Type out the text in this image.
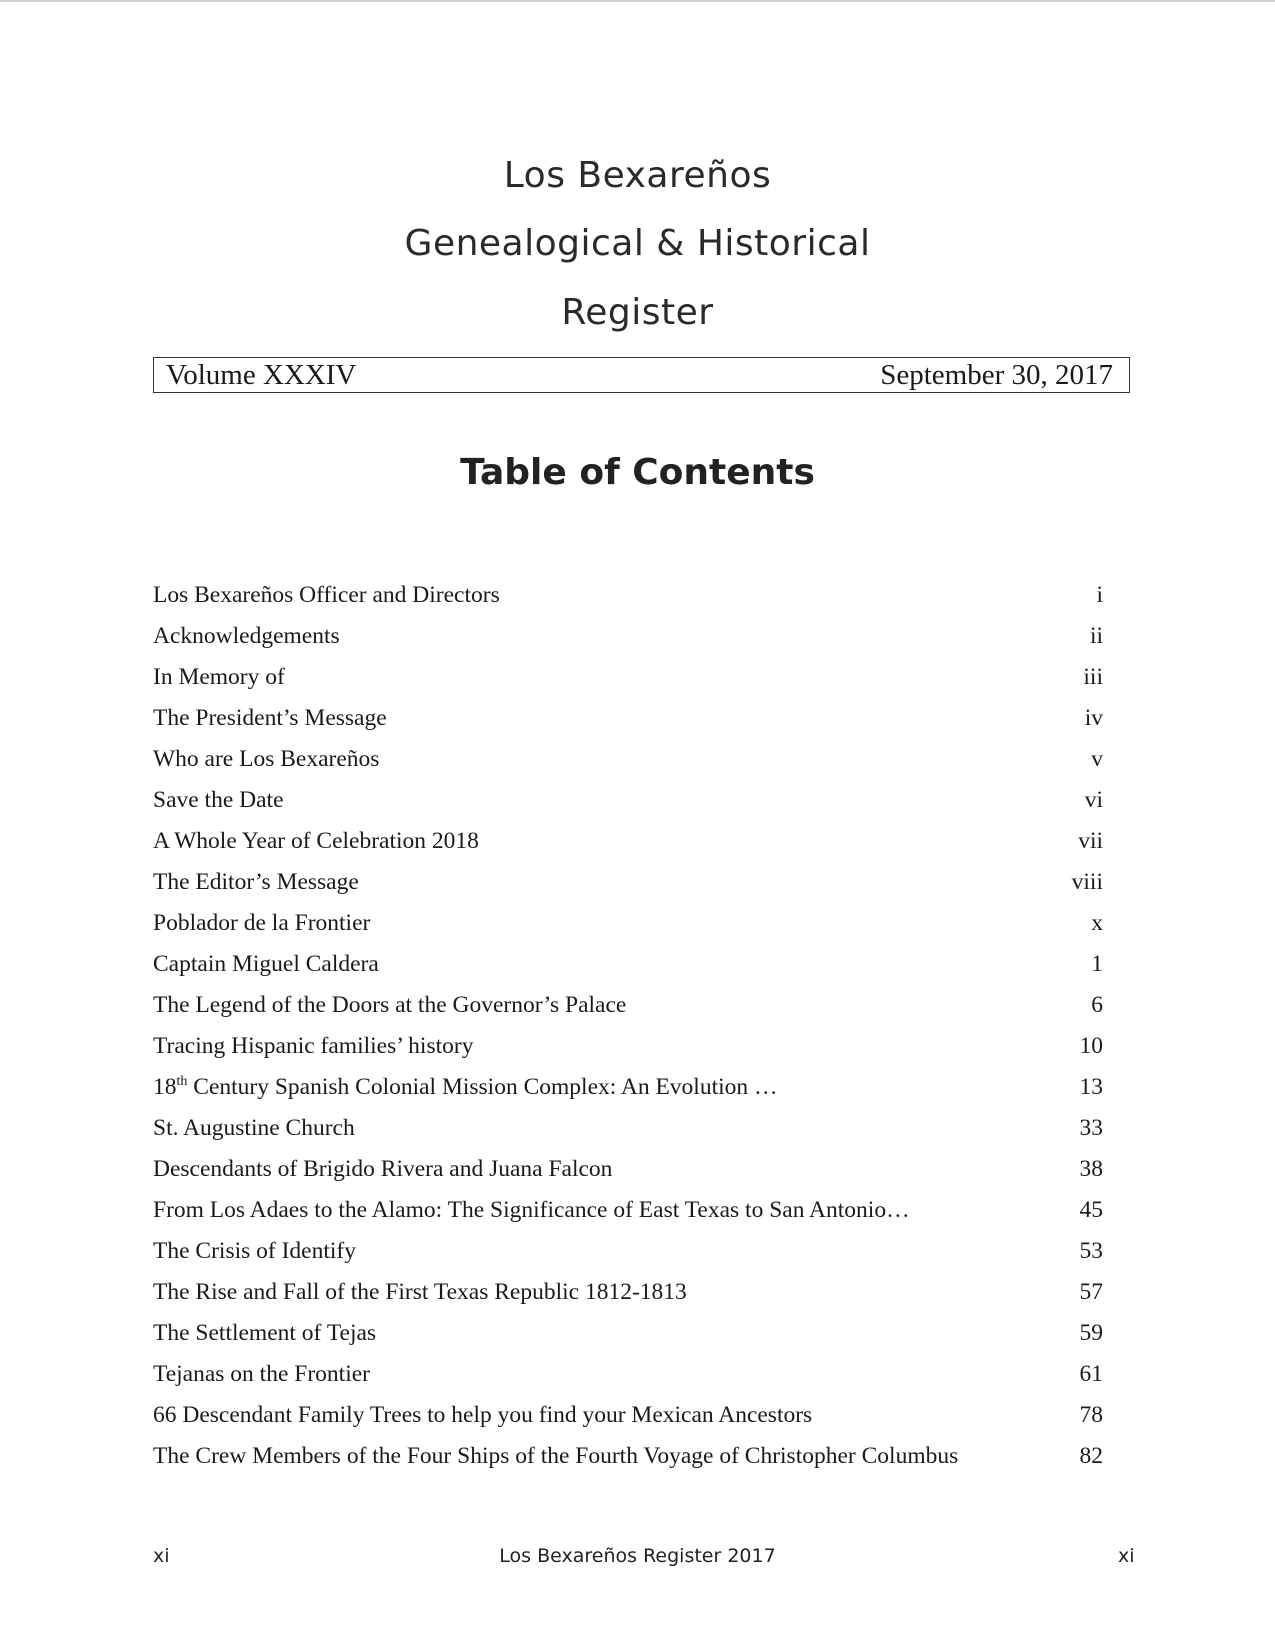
Los Bexareños
Genealogical & Historical
Register
Volume XXXIV	September 30, 2017
Table of Contents
Los Bexareños Officer and Directors	i
Acknowledgements	ii
In Memory of	iii
The President’s Message	iv
Who are Los Bexareños	v
Save the Date	vi
A Whole Year of Celebration 2018	vii
The Editor’s Message	viii
Poblador de la Frontier	x
Captain Miguel Caldera	1
The Legend of the Doors at the Governor’s Palace	6
Tracing Hispanic families’ history	10
18th Century Spanish Colonial Mission Complex: An Evolution …	13
St. Augustine Church	33
Descendants of Brigido Rivera and Juana Falcon	38
From Los Adaes to the Alamo: The Significance of East Texas to San Antonio…	45
The Crisis of Identify	53
The Rise and Fall of the First Texas Republic 1812-1813	57
The Settlement of Tejas	59
Tejanas on the Frontier	61
66 Descendant Family Trees to help you find your Mexican Ancestors	78
The Crew Members of the Four Ships of the Fourth Voyage of Christopher Columbus	82
xi	Los Bexareños Register 2017	xi
